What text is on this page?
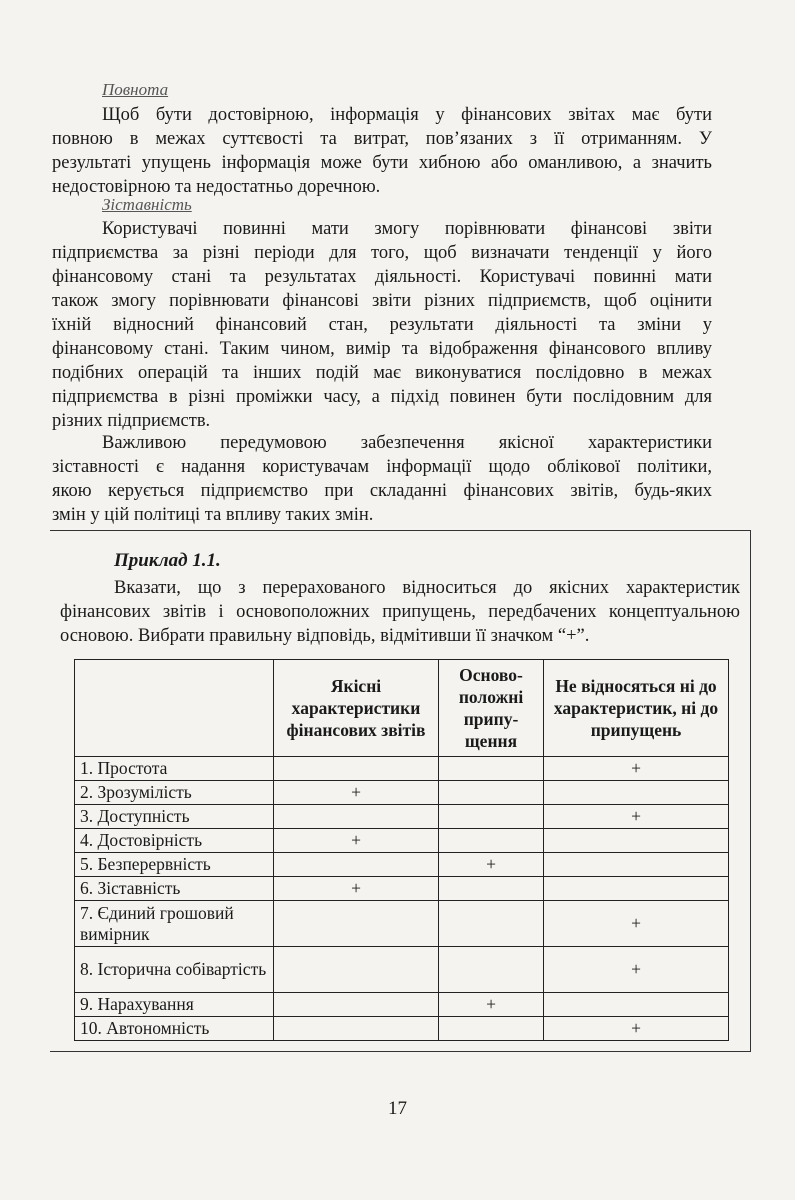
Повнота
Щоб бути достовірною, інформація у фінансових звітах має бути
повною в межах суттєвості та витрат, пов’язаних з її отриманням. У
результаті упущень інформація може бути хибною або оманливою, а значить
недостовірною та недостатньо доречною.
Зіставність
Користувачі повинні мати змогу порівнювати фінансові звіти
підприємства за різні періоди для того, щоб визначати тенденції у його
фінансовому стані та результатах діяльності. Користувачі повинні мати
також змогу порівнювати фінансові звіти різних підприємств, щоб оцінити
їхній відносний фінансовий стан, результати діяльності та зміни у
фінансовому стані. Таким чином, вимір та відображення фінансового впливу
подібних операцій та інших подій має виконуватися послідовно в межах
підприємства в різні проміжки часу, а підхід повинен бути послідовним для
різних підприємств.
Важливою передумовою забезпечення якісної характеристики
зіставності є надання користувачам інформації щодо облікової політики,
якою керується підприємство при складанні фінансових звітів, будь-яких
змін у цій політиці та впливу таких змін.
Приклад 1.1.
Вказати, що з перерахованого відноситься до якісних характеристик
фінансових звітів і основоположних припущень, передбачених концептуальною
основою. Вибрати правильну відповідь, відмітивши її значком “+”.
	Якісні характеристики фінансових звітів	Осново-положні припу-щення	Не відносяться ні до характеристик, ні до припущень
1. Простота			+
2. Зрозумілість	+		
3. Доступність			+
4. Достовірність	+		
5. Безперервність		+	
6. Зіставність	+		
7. Єдиний грошовий вимірник			+
8. Історична собівартість			+
9. Нарахування		+	
10. Автономність			+
17
